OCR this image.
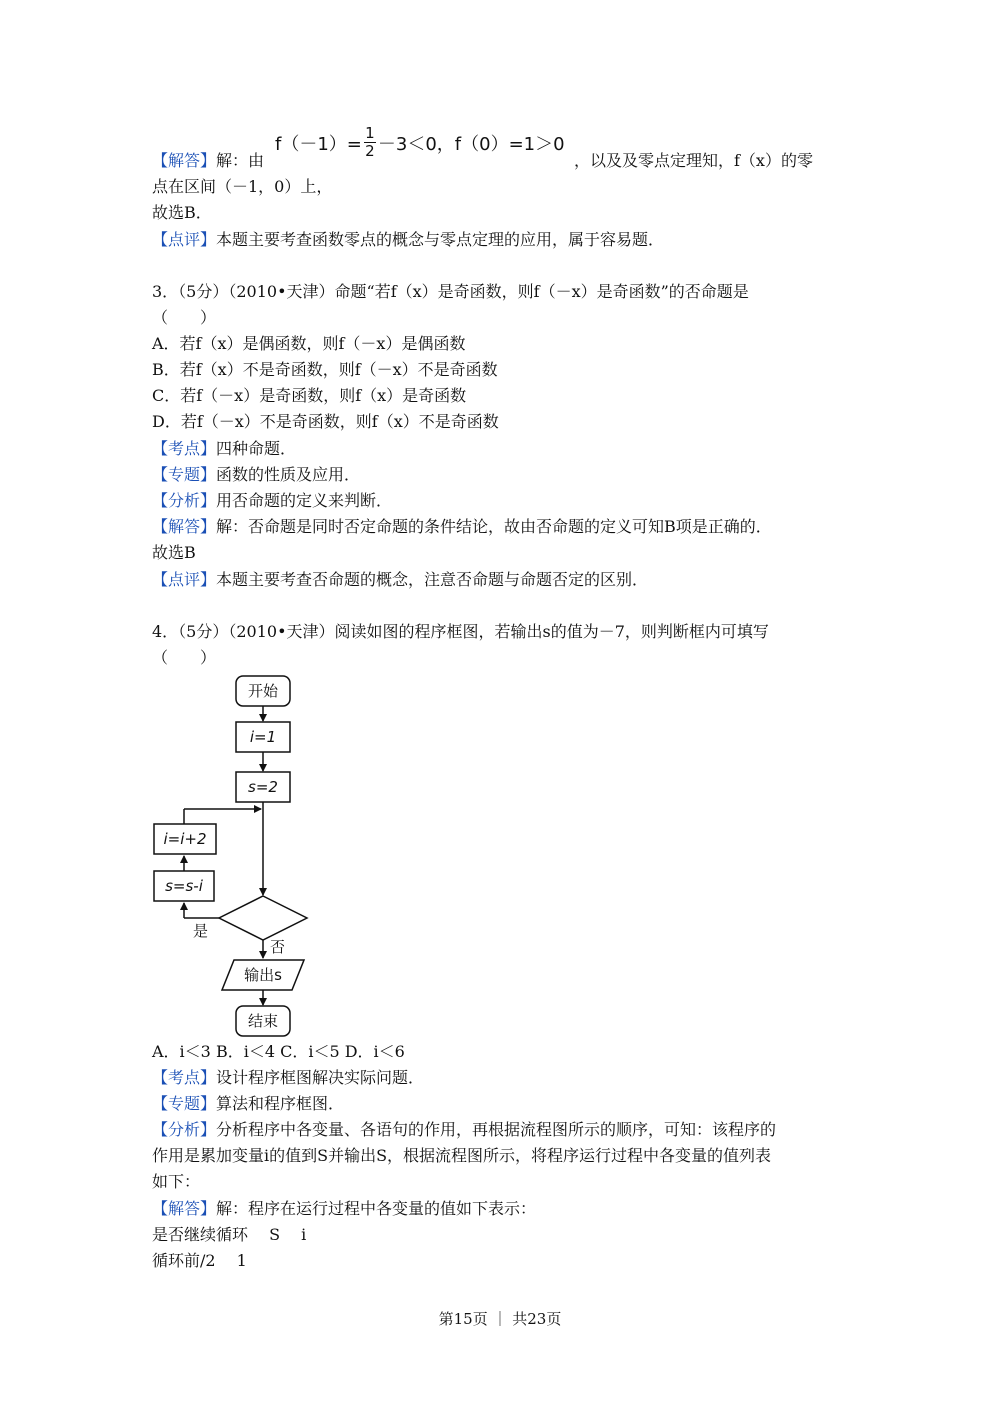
$f(-1)= \frac{1}{2} -3<0$，f（0）=1＞0
【解答】解：由	，以及及零点定理知，f（x）的零
点在区间（－1，0）上，
故选B．
【点评】本题主要考查函数零点的概念与零点定理的应用，属于容易题．
3．（5分）（2010•天津）命题“若f（x）是奇函数，则f（－x）是奇函数”的否命题是
（　　）
A．若f（x）是偶函数，则f（－x）是偶函数
B．若f（x）不是奇函数，则f（－x）不是奇函数
C．若f（－x）是奇函数，则f（x）是奇函数
D．若f（－x）不是奇函数，则f（x）不是奇函数
【考点】四种命题．
【专题】函数的性质及应用．
【分析】用否命题的定义来判断．
【解答】解：否命题是同时否定命题的条件结论，故由否命题的定义可知B项是正确的．
故选B
【点评】本题主要考查否命题的概念，注意否命题与命题否定的区别．
4．（5分）（2010•天津）阅读如图的程序框图，若输出s的值为－7，则判断框内可填写
（　　）
开始
i=1
s=2
i=i+2
s=s-i
是
否
输出s
结束
A．i＜3 B．i＜4 C．i＜5 D．i＜6
【考点】设计程序框图解决实际问题．
【专题】算法和程序框图．
【分析】分析程序中各变量、各语句的作用，再根据流程图所示的顺序，可知：该程序的
作用是累加变量i的值到S并输出S，根据流程图所示，将程序运行过程中各变量的值列表
如下：
【解答】解：程序在运行过程中各变量的值如下表示：
是否继续循环　 S　 i
循环前/2　 1
第15页 ｜ 共23页
